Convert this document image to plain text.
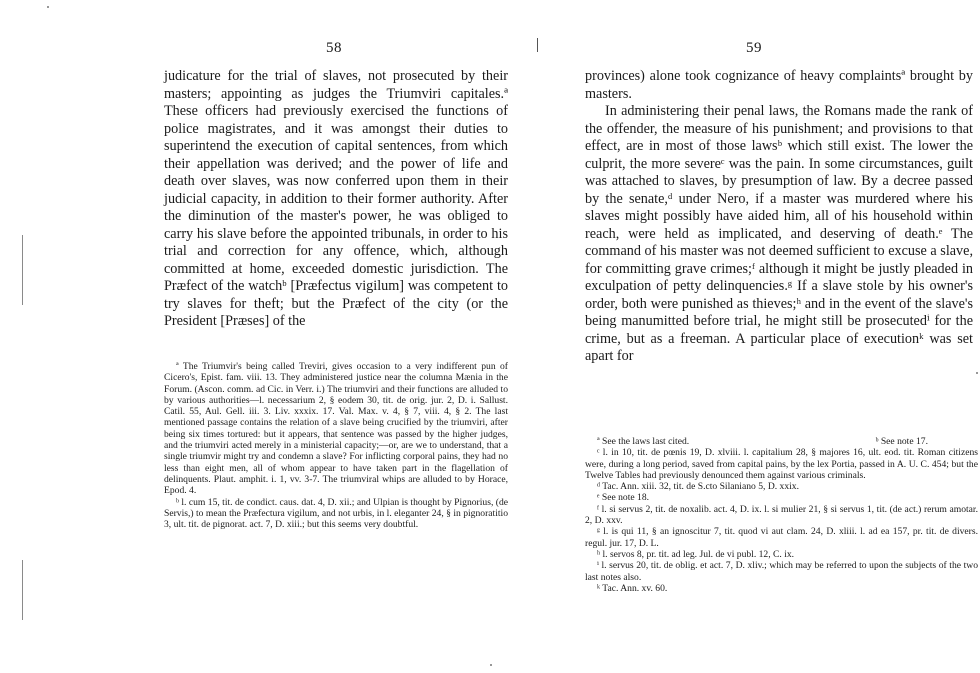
58

judicature for the trial of slaves, not prosecuted by their masters; appointing as judges the Triumviri capitales.ª These officers had previously exercised the functions of police magistrates, and it was amongst their duties to superintend the execution of capital sentences, from which their appellation was derived; and the power of life and death over slaves, was now conferred upon them in their judicial capacity, in addition to their former authority. After the diminution of the master's power, he was obliged to carry his slave before the appointed tribunals, in order to his trial and correction for any offence, which, although committed at home, exceeded domestic jurisdiction. The Præfect of the watchᵇ [Præfectus vigilum] was competent to try slaves for theft; but the Præfect of the city (or the President [Præses] of the

ª The Triumvir's being called Treviri, gives occasion to a very indifferent pun of Cicero's, Epist. fam. viii. 13. They administered justice near the columna Mænia in the Forum. (Ascon. comm. ad Cic. in Verr. i.) The triumviri and their functions are alluded to by various authorities—l. necessarium 2, § eodem 30, tit. de orig. jur. 2, D. i. Sallust. Catil. 55, Aul. Gell. iii. 3. Liv. xxxix. 17. Val. Max. v. 4, § 7, viii. 4, § 2. The last mentioned passage contains the relation of a slave being crucified by the triumviri, after being six times tortured: but it appears, that sentence was passed by the higher judges, and the triumviri acted merely in a ministerial capacity;—or, are we to understand, that a single triumvir might try and condemn a slave? For inflicting corporal pains, they had no less than eight men, all of whom appear to have taken part in the flagellation of delinquents. Plaut. amphit. i. 1, vv. 3-7. The triumviral whips are alluded to by Horace, Epod. 4.

ᵇ l. cum 15, tit. de condict. caus. dat. 4, D. xii.; and Ulpian is thought by Pignorius, (de Servis,) to mean the Præfectura vigilum, and not urbis, in l. eleganter 24, § in pignoratitio 3, ult. tit. de pignorat. act. 7, D. xiii.; but this seems very doubtful.

59

provinces) alone took cognizance of heavy complaintsª brought by masters.

In administering their penal laws, the Romans made the rank of the offender, the measure of his punishment; and provisions to that effect, are in most of those lawsᵇ which still exist. The lower the culprit, the more severeᶜ was the pain. In some circumstances, guilt was attached to slaves, by presumption of law. By a decree passed by the senate,ᵈ under Nero, if a master was murdered where his slaves might possibly have aided him, all of his household within reach, were held as implicated, and deserving of death.ᵉ The command of his master was not deemed sufficient to excuse a slave, for committing grave crimes;ᶠ although it might be justly pleaded in exculpation of petty delinquencies.ᵍ If a slave stole by his owner's order, both were punished as thieves;ʰ and in the event of the slave's being manumitted before trial, he might still be prosecutedⁱ for the crime, but as a freeman. A particular place of executionᵏ was set apart for

ª See the laws last cited.	ᵇ See note 17.

ᶜ l. in 10, tit. de pœnis 19, D. xlviii. l. capitalium 28, § majores 16, ult. eod. tit. Roman citizens were, during a long period, saved from capital pains, by the lex Portia, passed in A. U. C. 454; but the Twelve Tables had previously denounced them against various criminals.

ᵈ Tac. Ann. xiii. 32, tit. de S.cto Silaniano 5, D. xxix.

ᵉ See note 18.

ᶠ l. si servus 2, tit. de noxalib. act. 4, D. ix. l. si mulier 21, § si servus 1, tit. (de act.) rerum amotar. 2, D. xxv.

ᵍ l. is qui 11, § an ignoscitur 7, tit. quod vi aut clam. 24, D. xliii. l. ad ea 157, pr. tit. de divers. regul. jur. 17, D. L.

ʰ l. servos 8, pr. tit. ad leg. Jul. de vi publ. 12, C. ix.

ⁱ l. servus 20, tit. de oblig. et act. 7, D. xliv.; which may be referred to upon the subjects of the two last notes also.

ᵏ Tac. Ann. xv. 60.
